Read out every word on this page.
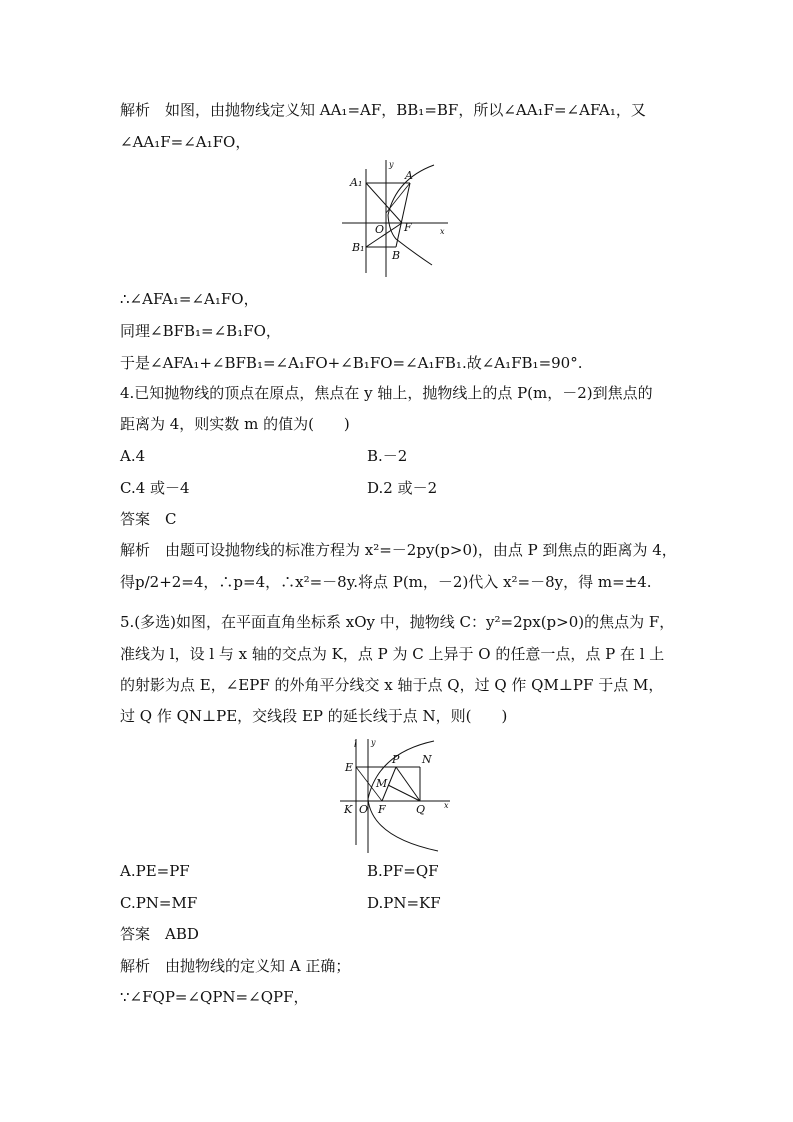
解析　如图，由抛物线定义知 AA₁=AF，BB₁=BF，所以∠AA₁F=∠AFA₁，又
∠AA₁F=∠A₁FO，
y
x
A₁
A
O F
B₁
B
∴∠AFA₁=∠A₁FO，
同理∠BFB₁=∠B₁FO，
于是∠AFA₁+∠BFB₁=∠A₁FO+∠B₁FO=∠A₁FB₁.故∠A₁FB₁=90°.
4.已知抛物线的顶点在原点，焦点在 y 轴上，抛物线上的点 P(m，－2)到焦点的
距离为 4，则实数 m 的值为(　　)
A.4	B.－2
C.4 或－4	D.2 或－2
答案　C
解析　由题可设抛物线的标准方程为 x²=－2py(p>0)，由点 P 到焦点的距离为 4，
得p/2+2=4，∴p=4，∴x²=－8y.将点 P(m，－2)代入 x²=－8y，得 m=±4.
5.(多选)如图，在平面直角坐标系 xOy 中，抛物线 C：y²=2px(p>0)的焦点为 F，
准线为 l，设 l 与 x 轴的交点为 K，点 P 为 C 上异于 O 的任意一点，点 P 在 l 上
的射影为点 E，∠EPF 的外角平分线交 x 轴于点 Q，过 Q 作 QM⊥PF 于点 M，
过 Q 作 QN⊥PE，交线段 EP 的延长线于点 N，则(　　)
l y
E
P N
M
K O F	Q x
A.PE=PF	B.PF=QF
C.PN=MF	D.PN=KF
答案　ABD
解析　由抛物线的定义知 A 正确；
∵∠FQP=∠QPN=∠QPF，
